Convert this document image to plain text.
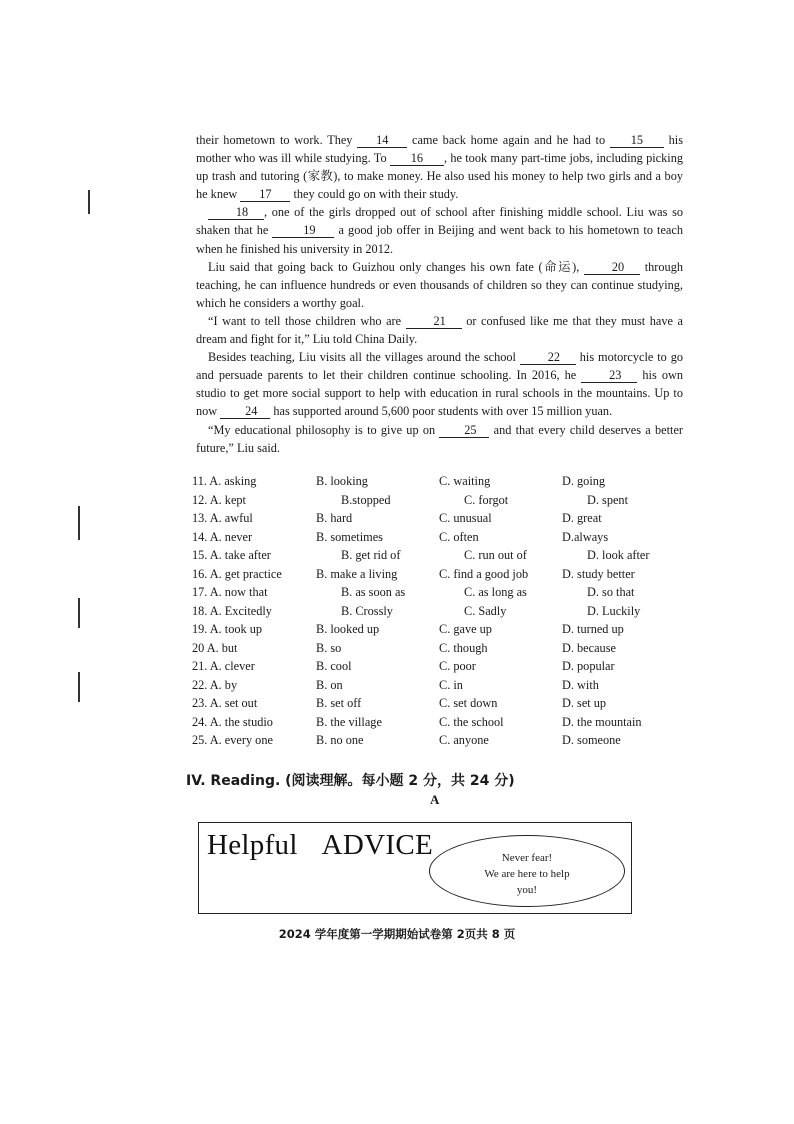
their hometown to work. They 14 came back home again and he had to 15 his mother who was ill while studying. To 16 , he took many part-time jobs, including picking up trash and tutoring (家教), to make money. He also used his money to help two girls and a boy he knew 17 they could go on with their study.

18 , one of the girls dropped out of school after finishing middle school. Liu was so shaken that he	19 a good job offer in Beijing and went back to his hometown to teach when he finished his university in 2012.

Liu said that going back to Guizhou only changes his own fate (命运), 20 through teaching, he can influence hundreds or even thousands of children so they can continue studying, which he considers a worthy goal.

“I want to tell those children who are 21 or confused like me that they must have a dream and fight for it,” Liu told China Daily.

Besides teaching, Liu visits all the villages around the school 22 his motorcycle to go and persuade parents to let their children continue schooling. In 2016, he 23 his own studio to get more social support to help with education in rural schools in the mountains. Up to now 24 has supported around 5,600 poor students with over 15 million yuan.

“My educational philosophy is to give up on 25 and that every child deserves a better future,” Liu said.

11. A. asking	B. looking	C. waiting	D. going
12. A. kept	B.stopped	C. forgot	D. spent
13. A. awful	B. hard	C. unusual	D. great
14. A. never	B. sometimes	C. often	D.always
15. A. take after	B. get rid of	C. run out of	D. look after
16. A. get practice	B. make a living	C. find a good job	D. study better
17. A. now that	B. as soon as	C. as long as	D. so that
18. A. Excitedly	B. Crossly	C. Sadly	D. Luckily
19. A. took up	B. looked up	C. gave up	D. turned up
20 A. but	B. so	C. though	D. because
21. A. clever	B. cool	C. poor	D. popular
22. A. by	B. on	C. in	D. with
23. A. set out	B. set off	C. set down	D. set up
24. A. the studio	B. the village	C. the school	D. the mountain
25. A. every one	B. no one	C. anyone	D. someone
IV. Reading. (阅读理解。每小题 2 分，共 24 分)
A
Helpful ADVICE	Never fear!
We are here to help
you!
2024 学年度第一学期期始试卷第 2页共 8 页
